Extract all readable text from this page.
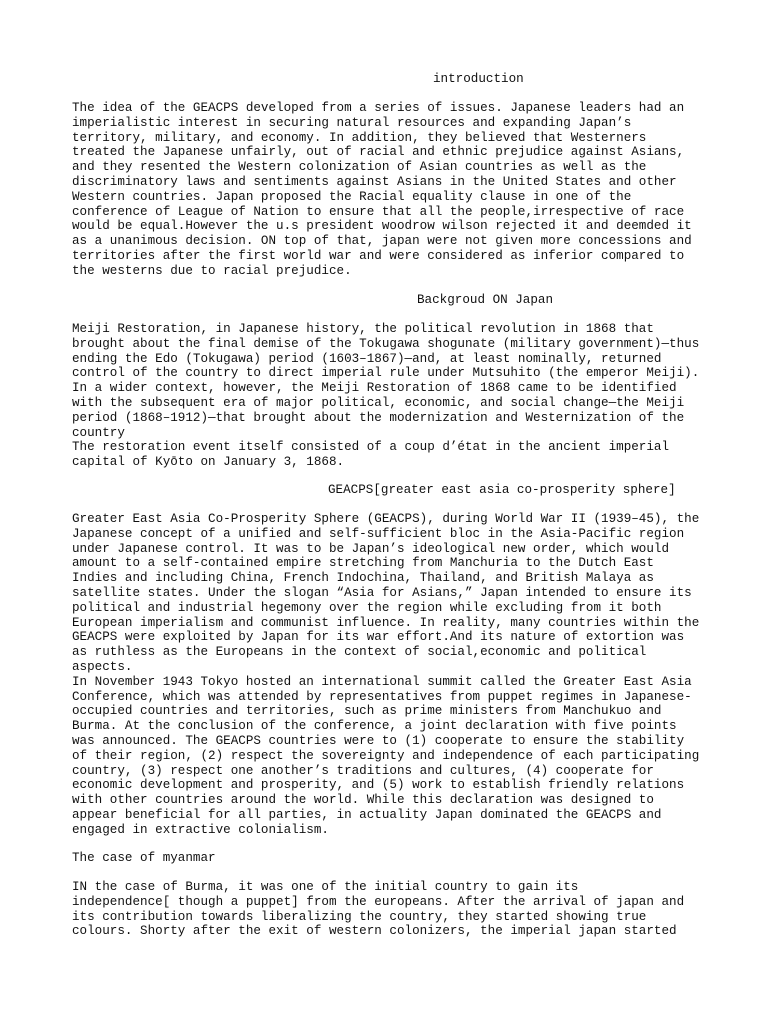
introduction

The idea of the GEACPS developed from a series of issues. Japanese leaders had an

imperialistic interest in securing natural resources and expanding Japan’s

territory, military, and economy. In addition, they believed that Westerners

treated the Japanese unfairly, out of racial and ethnic prejudice against Asians,

and they resented the Western colonization of Asian countries as well as the

discriminatory laws and sentiments against Asians in the United States and other

Western countries. Japan proposed the Racial equality clause in one of the

conference of League of Nation to ensure that all the people,irrespective of race

would be equal.However the u.s president woodrow wilson rejected it and deemded it

as a unanimous decision. ON top of that, japan were not given more concessions and

territories after the first world war and were considered as inferior compared to

the westerns due to racial prejudice.

Backgroud ON Japan

Meiji Restoration, in Japanese history, the political revolution in 1868 that

brought about the final demise of the Tokugawa shogunate (military government)—thus

ending the Edo (Tokugawa) period (1603–1867)—and, at least nominally, returned

control of the country to direct imperial rule under Mutsuhito (the emperor Meiji).

In a wider context, however, the Meiji Restoration of 1868 came to be identified

with the subsequent era of major political, economic, and social change—the Meiji

period (1868–1912)—that brought about the modernization and Westernization of the

country

The restoration event itself consisted of a coup d’état in the ancient imperial

capital of Kyōto on January 3, 1868.

GEACPS[greater east asia co-prosperity sphere]

Greater East Asia Co-Prosperity Sphere (GEACPS), during World War II (1939–45), the

Japanese concept of a unified and self-sufficient bloc in the Asia-Pacific region

under Japanese control. It was to be Japan’s ideological new order, which would

amount to a self-contained empire stretching from Manchuria to the Dutch East

Indies and including China, French Indochina, Thailand, and British Malaya as

satellite states. Under the slogan “Asia for Asians,” Japan intended to ensure its

political and industrial hegemony over the region while excluding from it both

European imperialism and communist influence. In reality, many countries within the

GEACPS were exploited by Japan for its war effort.And its nature of extortion was

as ruthless as the Europeans in the context of social,economic and political

aspects.

In November 1943 Tokyo hosted an international summit called the Greater East Asia

Conference, which was attended by representatives from puppet regimes in Japanese-

occupied countries and territories, such as prime ministers from Manchukuo and

Burma. At the conclusion of the conference, a joint declaration with five points

was announced. The GEACPS countries were to (1) cooperate to ensure the stability

of their region, (2) respect the sovereignty and independence of each participating

country, (3) respect one another’s traditions and cultures, (4) cooperate for

economic development and prosperity, and (5) work to establish friendly relations

with other countries around the world. While this declaration was designed to

appear beneficial for all parties, in actuality Japan dominated the GEACPS and

engaged in extractive colonialism.

The case of myanmar

IN the case of Burma, it was one of the initial country to gain its

independence[ though a puppet] from the europeans. After the arrival of japan and

its contribution towards liberalizing the country, they started showing true

colours. Shorty after the exit of western colonizers, the imperial japan started
